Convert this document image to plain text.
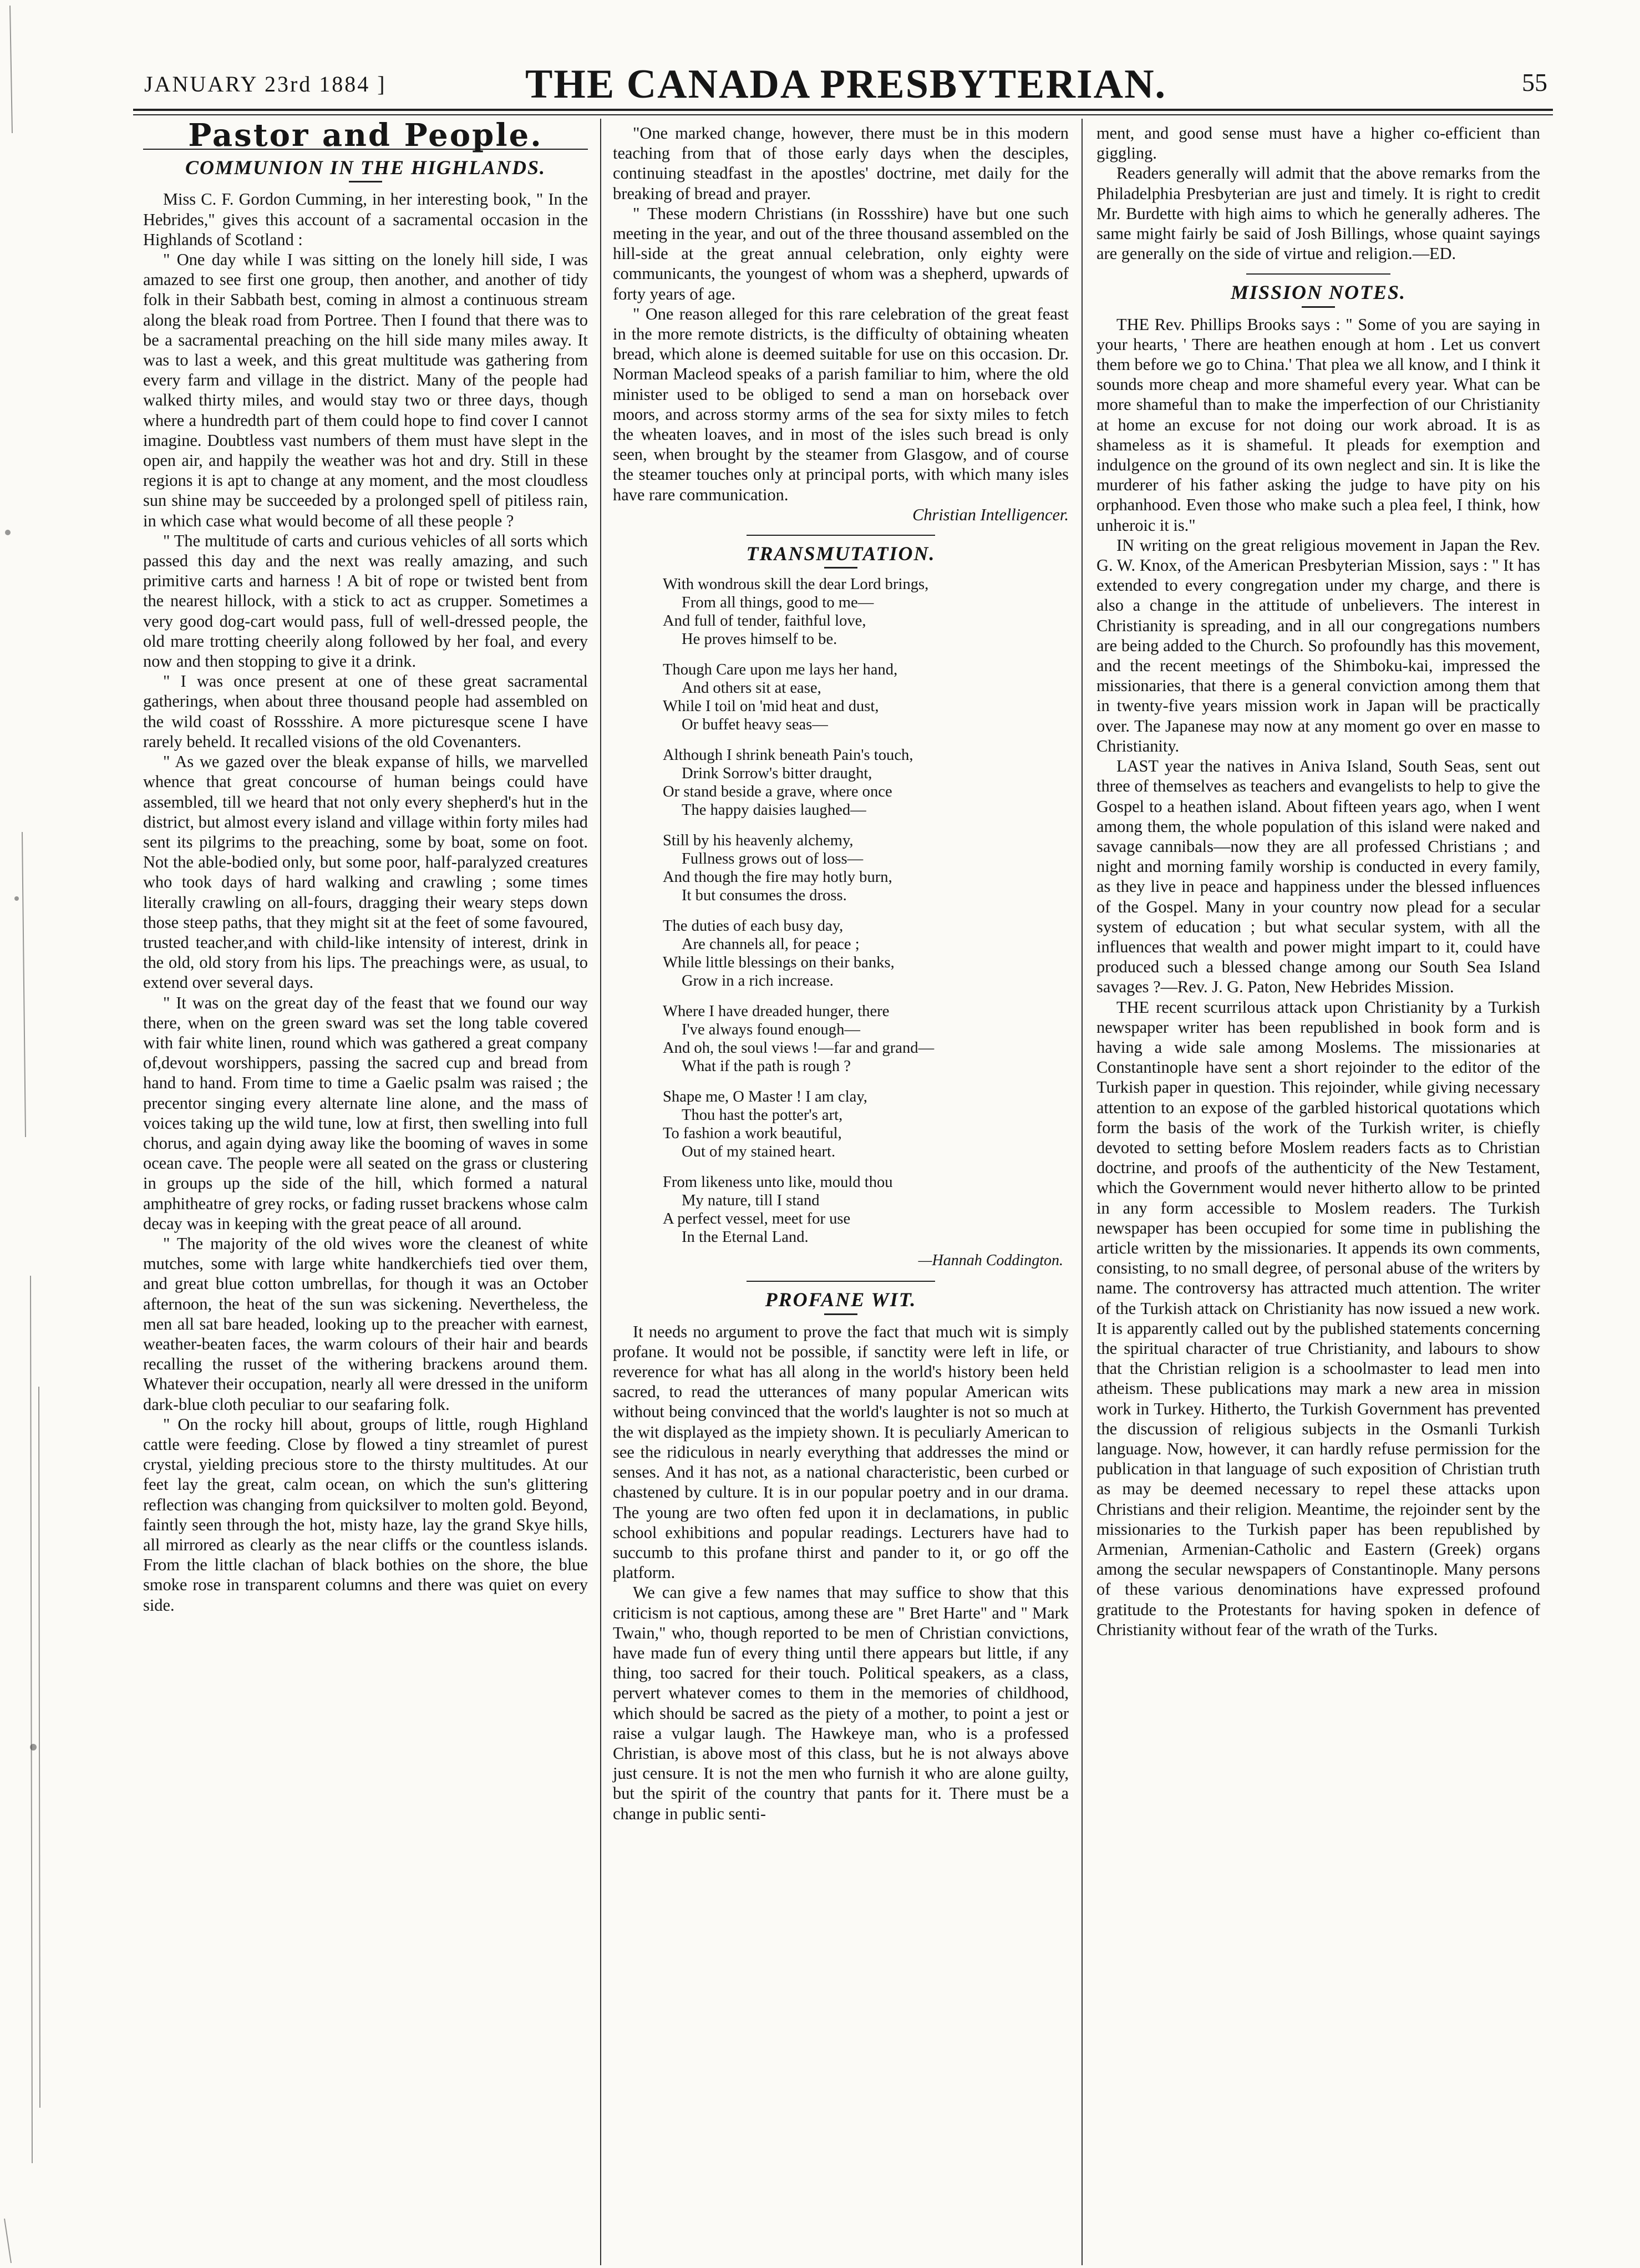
JANUARY 23rd 1884 ]	THE CANADA PRESBYTERIAN.	55
Pastor and People.
COMMUNION IN THE HIGHLANDS.

Miss C. F. Gordon Cumming, in her interesting book, " In the Hebrides," gives this account of a sacramental occasion in the Highlands of Scotland :

" One day while I was sitting on the lonely hill side, I was amazed to see first one group, then another, and another of tidy folk in their Sabbath best, coming in almost a continuous stream along the bleak road from Portree. Then I found that there was to be a sacramental preaching on the hill side many miles away. It was to last a week, and this great multitude was gathering from every farm and village in the district. Many of the people had walked thirty miles, and would stay two or three days, though where a hundredth part of them could hope to find cover I cannot imagine. Doubtless vast numbers of them must have slept in the open air, and happily the weather was hot and dry. Still in these regions it is apt to change at any moment, and the most cloudless sun shine may be succeeded by a prolonged spell of pitiless rain, in which case what would become of all these people ?

" The multitude of carts and curious vehicles of all sorts which passed this day and the next was really amazing, and such primitive carts and harness ! A bit of rope or twisted bent from the nearest hillock, with a stick to act as crupper. Sometimes a very good dog-cart would pass, full of well-dressed people, the old mare trotting cheerily along followed by her foal, and every now and then stopping to give it a drink.

" I was once present at one of these great sacramental gatherings, when about three thousand people had assembled on the wild coast of Rossshire. A more picturesque scene I have rarely beheld. It recalled visions of the old Covenanters.

" As we gazed over the bleak expanse of hills, we marvelled whence that great concourse of human beings could have assembled, till we heard that not only every shepherd's hut in the district, but almost every island and village within forty miles had sent its pilgrims to the preaching, some by boat, some on foot. Not the able-bodied only, but some poor, half-paralyzed creatures who took days of hard walking and crawling ; some times literally crawling on all-fours, dragging their weary steps down those steep paths, that they might sit at the feet of some favoured, trusted teacher,and with child-like intensity of interest, drink in the old, old story from his lips. The preachings were, as usual, to extend over several days.

" It was on the great day of the feast that we found our way there, when on the green sward was set the long table covered with fair white linen, round which was gathered a great company of,devout worshippers, passing the sacred cup and bread from hand to hand. From time to time a Gaelic psalm was raised ; the precentor singing every alternate line alone, and the mass of voices taking up the wild tune, low at first, then swelling into full chorus, and again dying away like the booming of waves in some ocean cave. The people were all seated on the grass or clustering in groups up the side of the hill, which formed a natural amphitheatre of grey rocks, or fading russet brackens whose calm decay was in keeping with the great peace of all around.

" The majority of the old wives wore the cleanest of white mutches, some with large white handkerchiefs tied over them, and great blue cotton umbrellas, for though it was an October afternoon, the heat of the sun was sickening. Nevertheless, the men all sat bare headed, looking up to the preacher with earnest, weather-beaten faces, the warm colours of their hair and beards recalling the russet of the withering brackens around them. Whatever their occupation, nearly all were dressed in the uniform dark-blue cloth peculiar to our seafaring folk.

" On the rocky hill about, groups of little, rough Highland cattle were feeding. Close by flowed a tiny streamlet of purest crystal, yielding precious store to the thirsty multitudes. At our feet lay the great, calm ocean, on which the sun's glittering reflection was changing from quicksilver to molten gold. Beyond, faintly seen through the hot, misty haze, lay the grand Skye hills, all mirrored as clearly as the near cliffs or the countless islands. From the little clachan of black bothies on the shore, the blue smoke rose in transparent columns and there was quiet on every side.

"One marked change, however, there must be in this modern teaching from that of those early days when the desciples, continuing steadfast in the apostles' doctrine, met daily for the breaking of bread and prayer.

" These modern Christians (in Rossshire) have but one such meeting in the year, and out of the three thousand assembled on the hill-side at the great annual celebration, only eighty were communicants, the youngest of whom was a shepherd, upwards of forty years of age.

" One reason alleged for this rare celebration of the great feast in the more remote districts, is the difficulty of obtaining wheaten bread, which alone is deemed suitable for use on this occasion. Dr. Norman Macleod speaks of a parish familiar to him, where the old minister used to be obliged to send a man on horseback over moors, and across stormy arms of the sea for sixty miles to fetch the wheaten loaves, and in most of the isles such bread is only seen, when brought by the steamer from Glasgow, and of course the steamer touches only at principal ports, with which many isles have rare communication.

Christian Intelligencer.

TRANSMUTATION.
With wondrous skill the dear Lord brings,
From all things, good to me—
And full of tender, faithful love,
He proves himself to be.
Though Care upon me lays her hand,
And others sit at ease,
While I toil on 'mid heat and dust,
Or buffet heavy seas—
Although I shrink beneath Pain's touch,
Drink Sorrow's bitter draught,
Or stand beside a grave, where once
The happy daisies laughed—
Still by his heavenly alchemy,
Fullness grows out of loss—
And though the fire may hotly burn,
It but consumes the dross.
The duties of each busy day,
Are channels all, for peace ;
While little blessings on their banks,
Grow in a rich increase.
Where I have dreaded hunger, there
I've always found enough—
And oh, the soul views !—far and grand—
What if the path is rough ?
Shape me, O Master ! I am clay,
Thou hast the potter's art,
To fashion a work beautiful,
Out of my stained heart.
From likeness unto like, mould thou
My nature, till I stand
A perfect vessel, meet for use
In the Eternal Land.
—Hannah Coddington.
PROFANE WIT.

It needs no argument to prove the fact that much wit is simply profane. It would not be possible, if sanctity were left in life, or reverence for what has all along in the world's history been held sacred, to read the utterances of many popular American wits without being convinced that the world's laughter is not so much at the wit displayed as the impiety shown. It is peculiarly American to see the ridiculous in nearly everything that addresses the mind or senses. And it has not, as a national characteristic, been curbed or chastened by culture. It is in our popular poetry and in our drama. The young are two often fed upon it in declamations, in public school exhibitions and popular readings. Lecturers have had to succumb to this profane thirst and pander to it, or go off the platform.

We can give a few names that may suffice to show that this criticism is not captious, among these are " Bret Harte" and " Mark Twain," who, though reported to be men of Christian convictions, have made fun of every thing until there appears but little, if any thing, too sacred for their touch. Political speakers, as a class, pervert whatever comes to them in the memories of childhood, which should be sacred as the piety of a mother, to point a jest or raise a vulgar laugh. The Hawkeye man, who is a professed Christian, is above most of this class, but he is not always above just censure. It is not the men who furnish it who are alone guilty, but the spirit of the country that pants for it. There must be a change in public senti-

ment, and good sense must have a higher co-efficient than giggling.

Readers generally will admit that the above remarks from the Philadelphia Presbyterian are just and timely. It is right to credit Mr. Burdette with high aims to which he generally adheres. The same might fairly be said of Josh Billings, whose quaint sayings are generally on the side of virtue and religion.—ED.

MISSION NOTES.

THE Rev. Phillips Brooks says : " Some of you are saying in your hearts, ' There are heathen enough at hom . Let us convert them before we go to China.' That plea we all know, and I think it sounds more cheap and more shameful every year. What can be more shameful than to make the imperfection of our Christianity at home an excuse for not doing our work abroad. It is as shameless as it is shameful. It pleads for exemption and indulgence on the ground of its own neglect and sin. It is like the murderer of his father asking the judge to have pity on his orphanhood. Even those who make such a plea feel, I think, how unheroic it is."

IN writing on the great religious movement in Japan the Rev. G. W. Knox, of the American Presbyterian Mission, says : " It has extended to every congregation under my charge, and there is also a change in the attitude of unbelievers. The interest in Christianity is spreading, and in all our congregations numbers are being added to the Church. So profoundly has this movement, and the recent meetings of the Shimboku-kai, impressed the missionaries, that there is a general conviction among them that in twenty-five years mission work in Japan will be practically over. The Japanese may now at any moment go over en masse to Christianity.

LAST year the natives in Aniva Island, South Seas, sent out three of themselves as teachers and evangelists to help to give the Gospel to a heathen island. About fifteen years ago, when I went among them, the whole population of this island were naked and savage cannibals—now they are all professed Christians ; and night and morning family worship is conducted in every family, as they live in peace and happiness under the blessed influences of the Gospel. Many in your country now plead for a secular system of education ; but what secular system, with all the influences that wealth and power might impart to it, could have produced such a blessed change among our South Sea Island savages ?—Rev. J. G. Paton, New Hebrides Mission.

THE recent scurrilous attack upon Christianity by a Turkish newspaper writer has been republished in book form and is having a wide sale among Moslems. The missionaries at Constantinople have sent a short rejoinder to the editor of the Turkish paper in question. This rejoinder, while giving necessary attention to an expose of the garbled historical quotations which form the basis of the work of the Turkish writer, is chiefly devoted to setting before Moslem readers facts as to Christian doctrine, and proofs of the authenticity of the New Testament, which the Government would never hitherto allow to be printed in any form accessible to Moslem readers. The Turkish newspaper has been occupied for some time in publishing the article written by the missionaries. It appends its own comments, consisting, to no small degree, of personal abuse of the writers by name. The controversy has attracted much attention. The writer of the Turkish attack on Christianity has now issued a new work. It is apparently called out by the published statements concerning the spiritual character of true Christianity, and labours to show that the Christian religion is a schoolmaster to lead men into atheism. These publications may mark a new area in mission work in Turkey. Hitherto, the Turkish Government has prevented the discussion of religious subjects in the Osmanli Turkish language. Now, however, it can hardly refuse permission for the publication in that language of such exposition of Christian truth as may be deemed necessary to repel these attacks upon Christians and their religion. Meantime, the rejoinder sent by the missionaries to the Turkish paper has been republished by Armenian, Armenian-Catholic and Eastern (Greek) organs among the secular newspapers of Constantinople. Many persons of these various denominations have expressed profound gratitude to the Protestants for having spoken in defence of Christianity without fear of the wrath of the Turks.
